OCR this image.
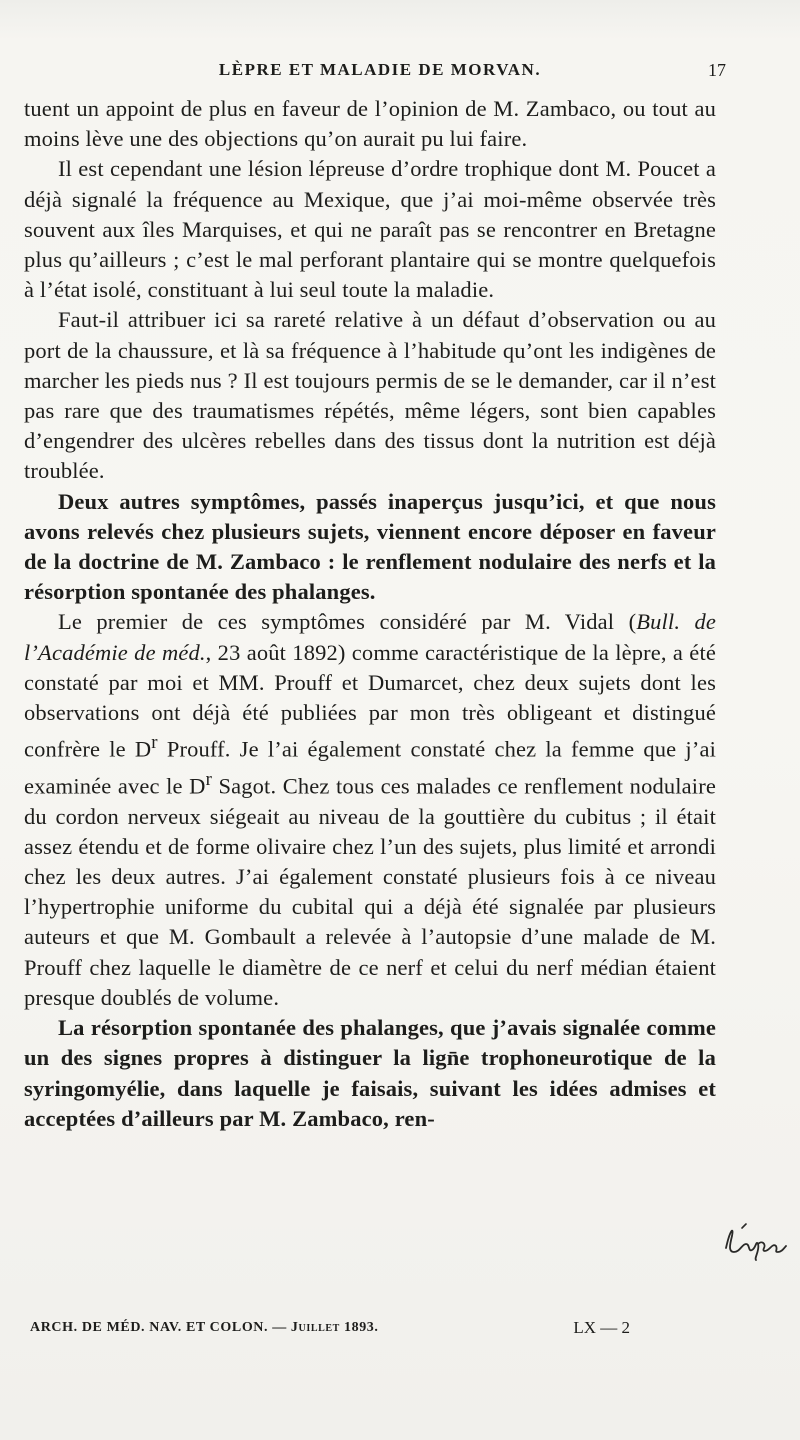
LÈPRE ET MALADIE DE MORVAN.	17

tuent un appoint de plus en faveur de l’opinion de M. Zambaco, ou tout au moins lève une des objections qu’on aurait pu lui faire.

Il est cependant une lésion lépreuse d’ordre trophique dont M. Poucet a déjà signalé la fréquence au Mexique, que j’ai moi-même observée très souvent aux îles Marquises, et qui ne paraît pas se rencontrer en Bretagne plus qu’ailleurs ; c’est le mal perforant plantaire qui se montre quelquefois à l’état isolé, constituant à lui seul toute la maladie.

Faut-il attribuer ici sa rareté relative à un défaut d’observation ou au port de la chaussure, et là sa fréquence à l’habitude qu’ont les indigènes de marcher les pieds nus ? Il est toujours permis de se le demander, car il n’est pas rare que des traumatismes répétés, même légers, sont bien capables d’engendrer des ulcères rebelles dans des tissus dont la nutrition est déjà troublée.

Deux autres symptômes, passés inaperçus jusqu’ici, et que nous avons relevés chez plusieurs sujets, viennent encore déposer en faveur de la doctrine de M. Zambaco : le renflement nodulaire des nerfs et la résorption spontanée des phalanges.

Le premier de ces symptômes considéré par M. Vidal (Bull. de l’Académie de méd., 23 août 1892) comme caractéristique de la lèpre, a été constaté par moi et MM. Prouff et Dumarcet, chez deux sujets dont les observations ont déjà été publiées par mon très obligeant et distingué confrère le $D^r$ Prouff. Je l’ai également constaté chez la femme que j’ai examinée avec le $D^r$ Sagot. Chez tous ces malades ce renflement nodulaire du cordon nerveux siégeait au niveau de la gouttière du cubitus ; il était assez étendu et de forme olivaire chez l’un des sujets, plus limité et arrondi chez les deux autres. J’ai également constaté plusieurs fois à ce niveau l’hypertrophie uniforme du cubital qui a déjà été signalée par plusieurs auteurs et que M. Gombault a relevée à l’autopsie d’une malade de M. Prouff chez laquelle le diamètre de ce nerf et celui du nerf médian étaient presque doublés de volume.

La résorption spontanée des phalanges, que j’avais signalée comme un des signes propres à distinguer la lign̄e trophoneurotique de la syringomyélie, dans laquelle je faisais, suivant les idées admises et acceptées d’ailleurs par M. Zambaco, ren-

ARCH. DE MÉD. NAV. ET COLON. — Juillet 1893.	LX — 2
